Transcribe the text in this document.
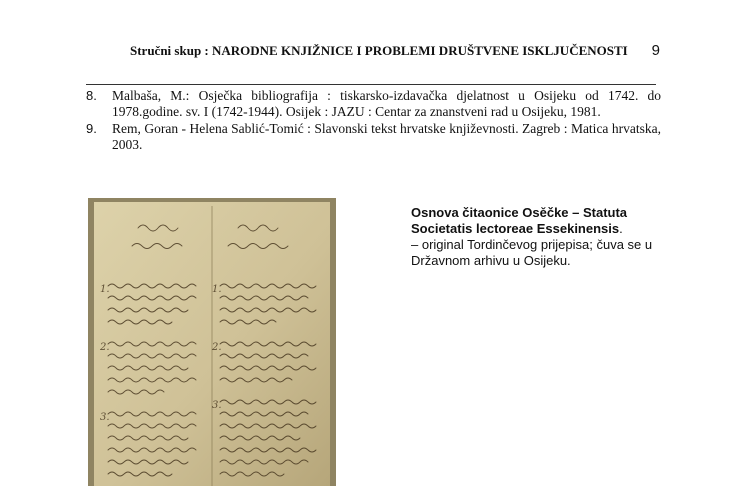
Stručni skup : NARODNE KNJIŽNICE I PROBLEMI DRUŠTVENE ISKLJUČENOSTI 9
8.	Malbaša, M.: Osječka bibliografija : tiskarsko-izdavačka djelatnost u Osijeku od 1742. do 1978.godine. sv. I (1742-1944). Osijek : JAZU : Centar za znanstveni rad u Osijeku, 1981.
9.	Rem, Goran - Helena Sablić-Tomić : Slavonski tekst hrvatske književnosti. Zagreb : Matica hrvatska, 2003.
1.
2.
3.
1.
2.
3.
Osnova čitaonice Osěčke – Statuta Societatis lectoreae Essekinensis.
– original Tordinčevog prijepisa; čuva se u Državnom arhivu u Osijeku.
